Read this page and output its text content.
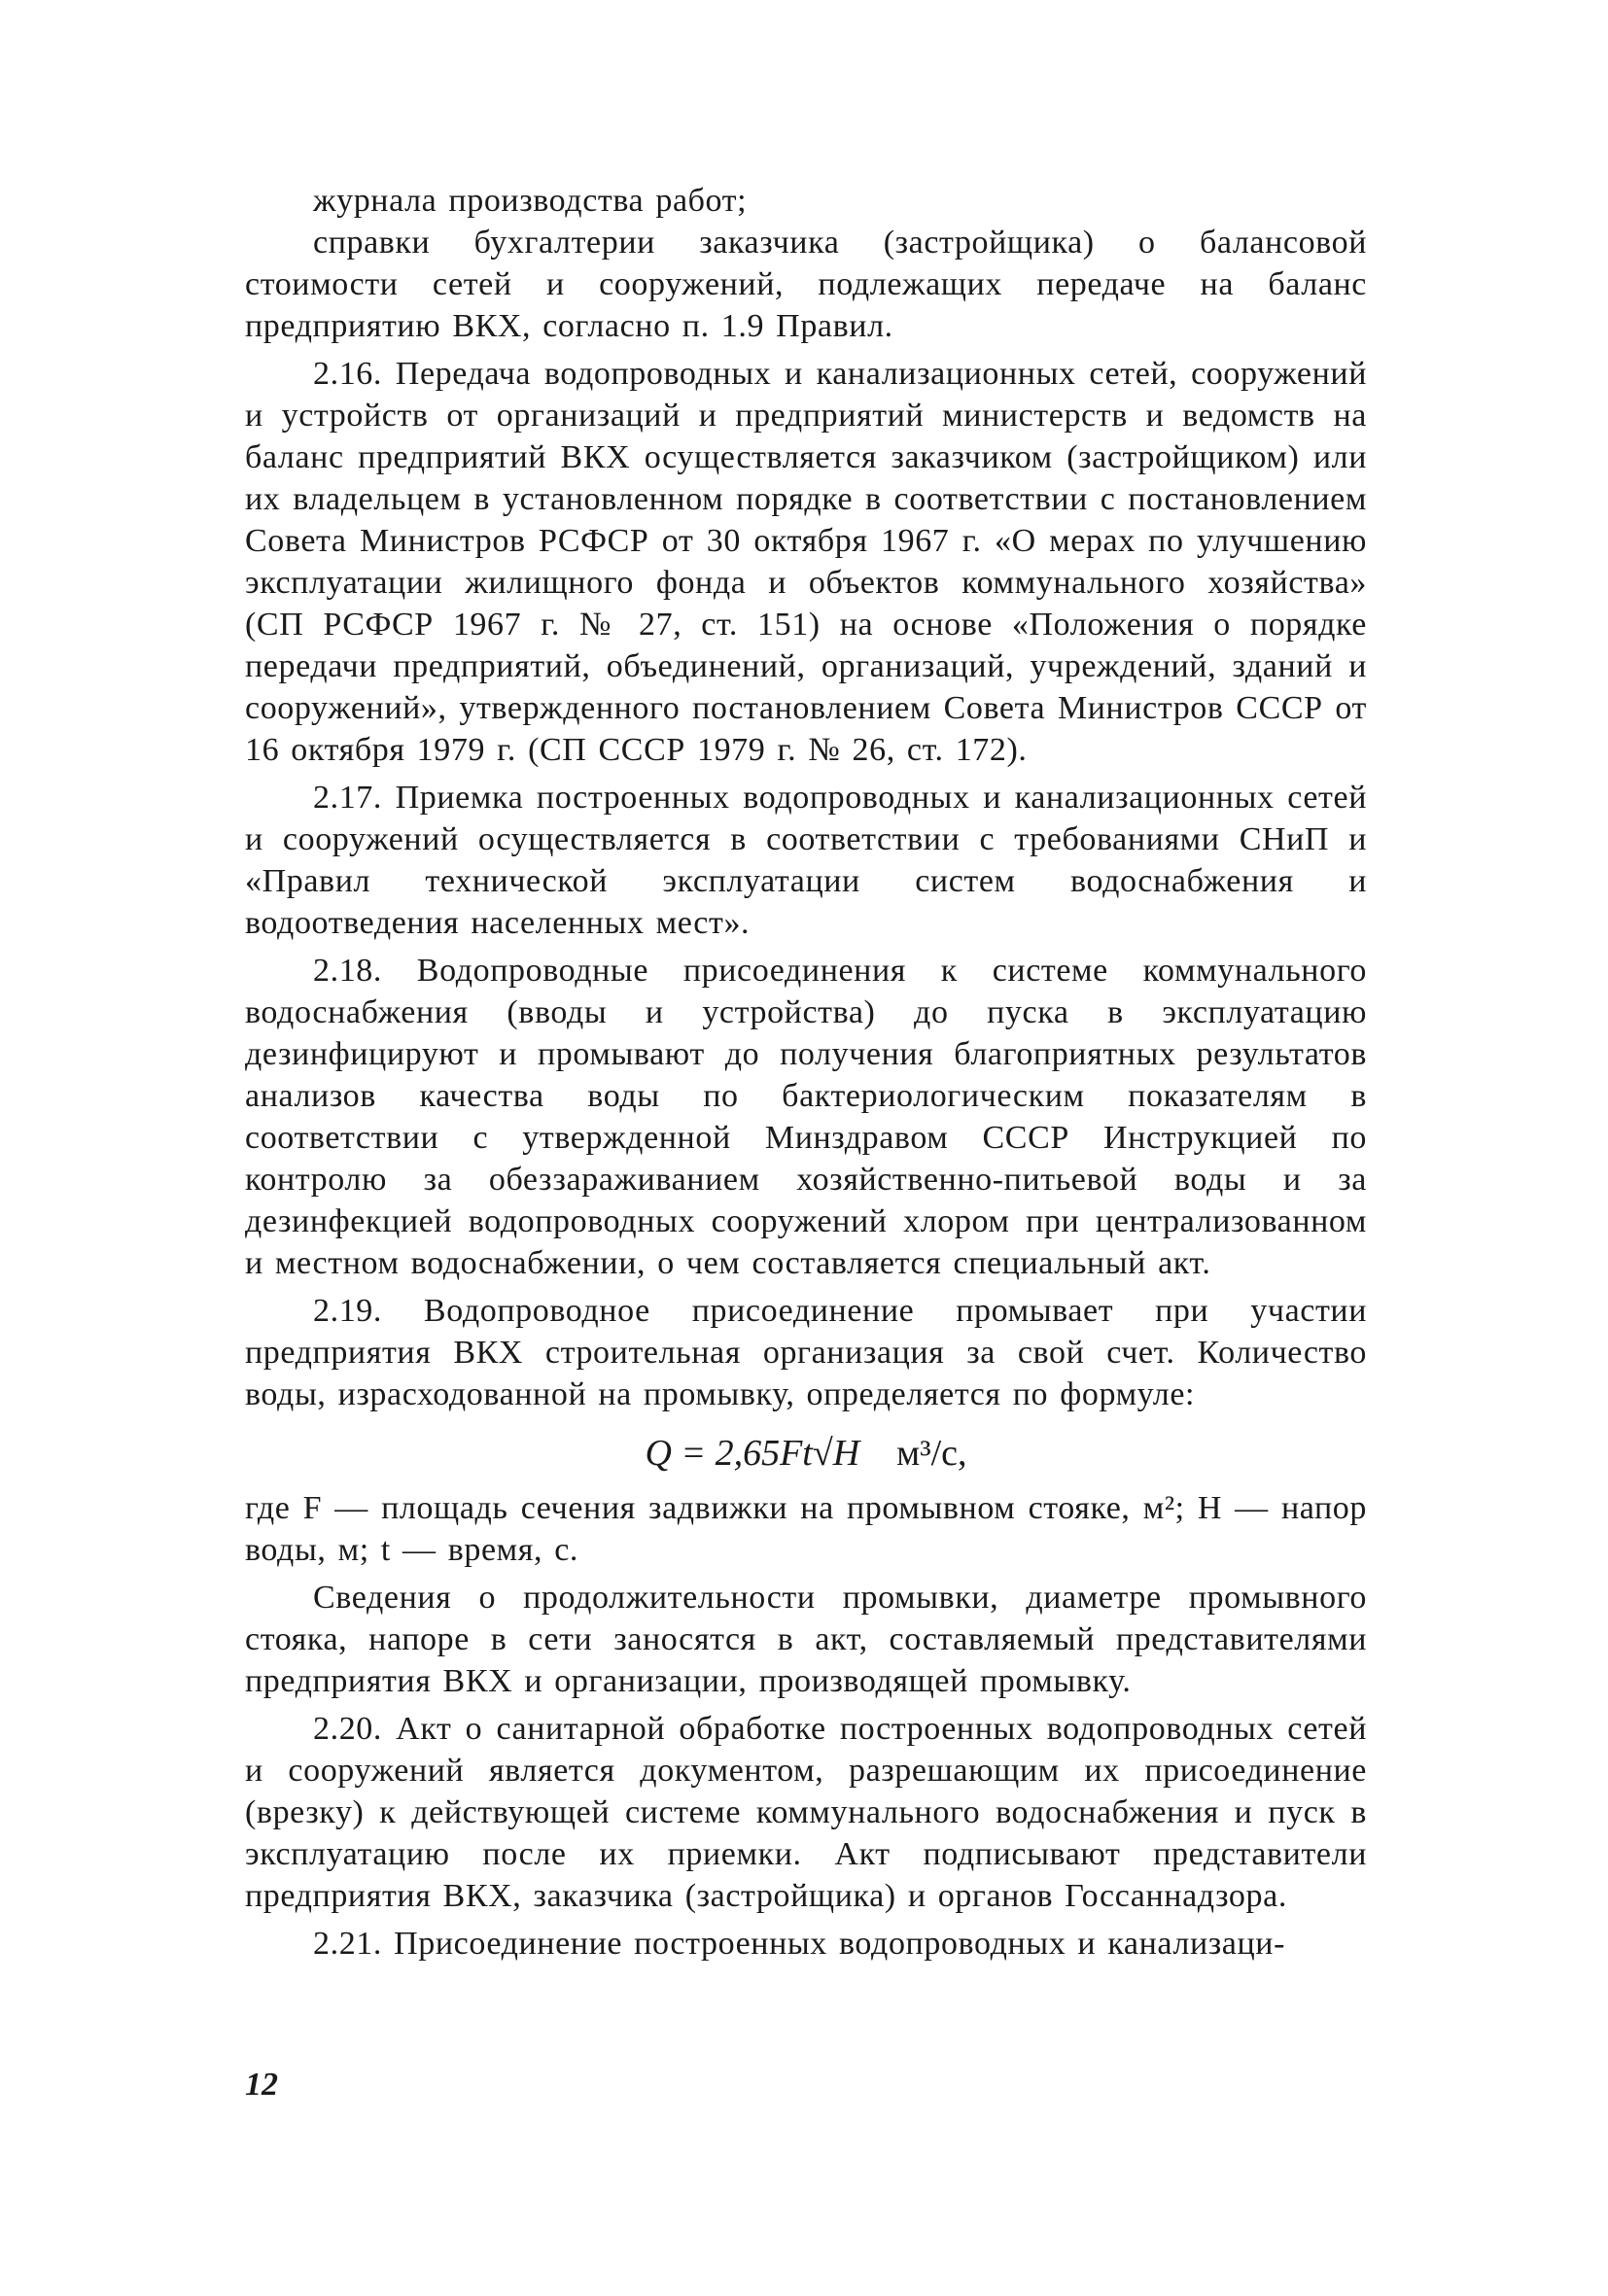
журнала производства работ;

справки бухгалтерии заказчика (застройщика) о балансовой стоимости сетей и сооружений, подлежащих передаче на баланс предприятию ВКХ, согласно п. 1.9 Правил.

2.16. Передача водопроводных и канализационных сетей, сооружений и устройств от организаций и предприятий министерств и ведомств на баланс предприятий ВКХ осуществляется заказчиком (застройщиком) или их владельцем в установленном порядке в соответствии с постановлением Совета Министров РСФСР от 30 октября 1967 г. «О мерах по улучшению эксплуатации жилищного фонда и объектов коммунального хозяйства» (СП РСФСР 1967 г. № 27, ст. 151) на основе «Положения о порядке передачи предприятий, объединений, организаций, учреждений, зданий и сооружений», утвержденного постановлением Совета Министров СССР от 16 октября 1979 г. (СП СССР 1979 г. № 26, ст. 172).

2.17. Приемка построенных водопроводных и канализационных сетей и сооружений осуществляется в соответствии с требованиями СНиП и «Правил технической эксплуатации систем водоснабжения и водоотведения населенных мест».

2.18. Водопроводные присоединения к системе коммунального водоснабжения (вводы и устройства) до пуска в эксплуатацию дезинфицируют и промывают до получения благоприятных результатов анализов качества воды по бактериологическим показателям в соответствии с утвержденной Минздравом СССР Инструкцией по контролю за обеззараживанием хозяйственно-питьевой воды и за дезинфекцией водопроводных сооружений хлором при централизованном и местном водоснабжении, о чем составляется специальный акт.

2.19. Водопроводное присоединение промывает при участии предприятия ВКХ строительная организация за свой счет. Количество воды, израсходованной на промывку, определяется по формуле:

Q = 2,65Ft√H м³/с,

где F — площадь сечения задвижки на промывном стояке, м²; H — напор воды, м; t — время, с.

Сведения о продолжительности промывки, диаметре промывного стояка, напоре в сети заносятся в акт, составляемый представителями предприятия ВКХ и организации, производящей промывку.

2.20. Акт о санитарной обработке построенных водопроводных сетей и сооружений является документом, разрешающим их присоединение (врезку) к действующей системе коммунального водоснабжения и пуск в эксплуатацию после их приемки. Акт подписывают представители предприятия ВКХ, заказчика (застройщика) и органов Госсаннадзора.

2.21. Присоединение построенных водопроводных и канализаци-

12
